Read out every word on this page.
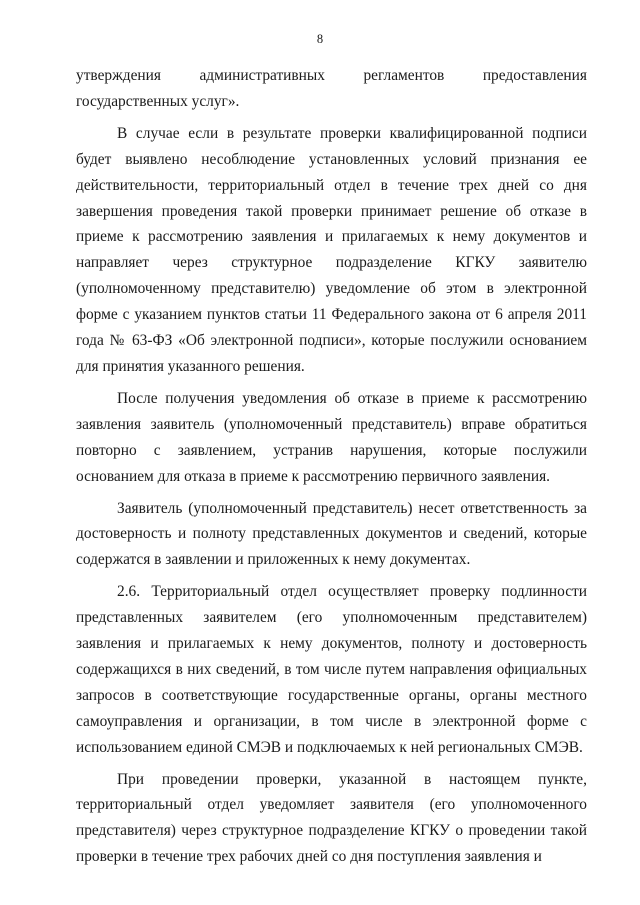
8

утверждения административных регламентов предоставления государственных услуг».

В случае если в результате проверки квалифицированной подписи будет выявлено несоблюдение установленных условий признания ее действительности, территориальный отдел в течение трех дней со дня завершения проведения такой проверки принимает решение об отказе в приеме к рассмотрению заявления и прилагаемых к нему документов и направляет через структурное подразделение КГКУ заявителю (уполномоченному представителю) уведомление об этом в электронной форме с указанием пунктов статьи 11 Федерального закона от 6 апреля 2011 года № 63-ФЗ «Об электронной подписи», которые послужили основанием для принятия указанного решения.

После получения уведомления об отказе в приеме к рассмотрению заявления заявитель (уполномоченный представитель) вправе обратиться повторно с заявлением, устранив нарушения, которые послужили основанием для отказа в приеме к рассмотрению первичного заявления.

Заявитель (уполномоченный представитель) несет ответственность за достоверность и полноту представленных документов и сведений, которые содержатся в заявлении и приложенных к нему документах.

2.6. Территориальный отдел осуществляет проверку подлинности представленных заявителем (его уполномоченным представителем) заявления и прилагаемых к нему документов, полноту и достоверность содержащихся в них сведений, в том числе путем направления официальных запросов в соответствующие государственные органы, органы местного самоуправления и организации, в том числе в электронной форме с использованием единой СМЭВ и подключаемых к ней региональных СМЭВ.

При проведении проверки, указанной в настоящем пункте, территориальный отдел уведомляет заявителя (его уполномоченного представителя) через структурное подразделение КГКУ о проведении такой проверки в течение трех рабочих дней со дня поступления заявления и
